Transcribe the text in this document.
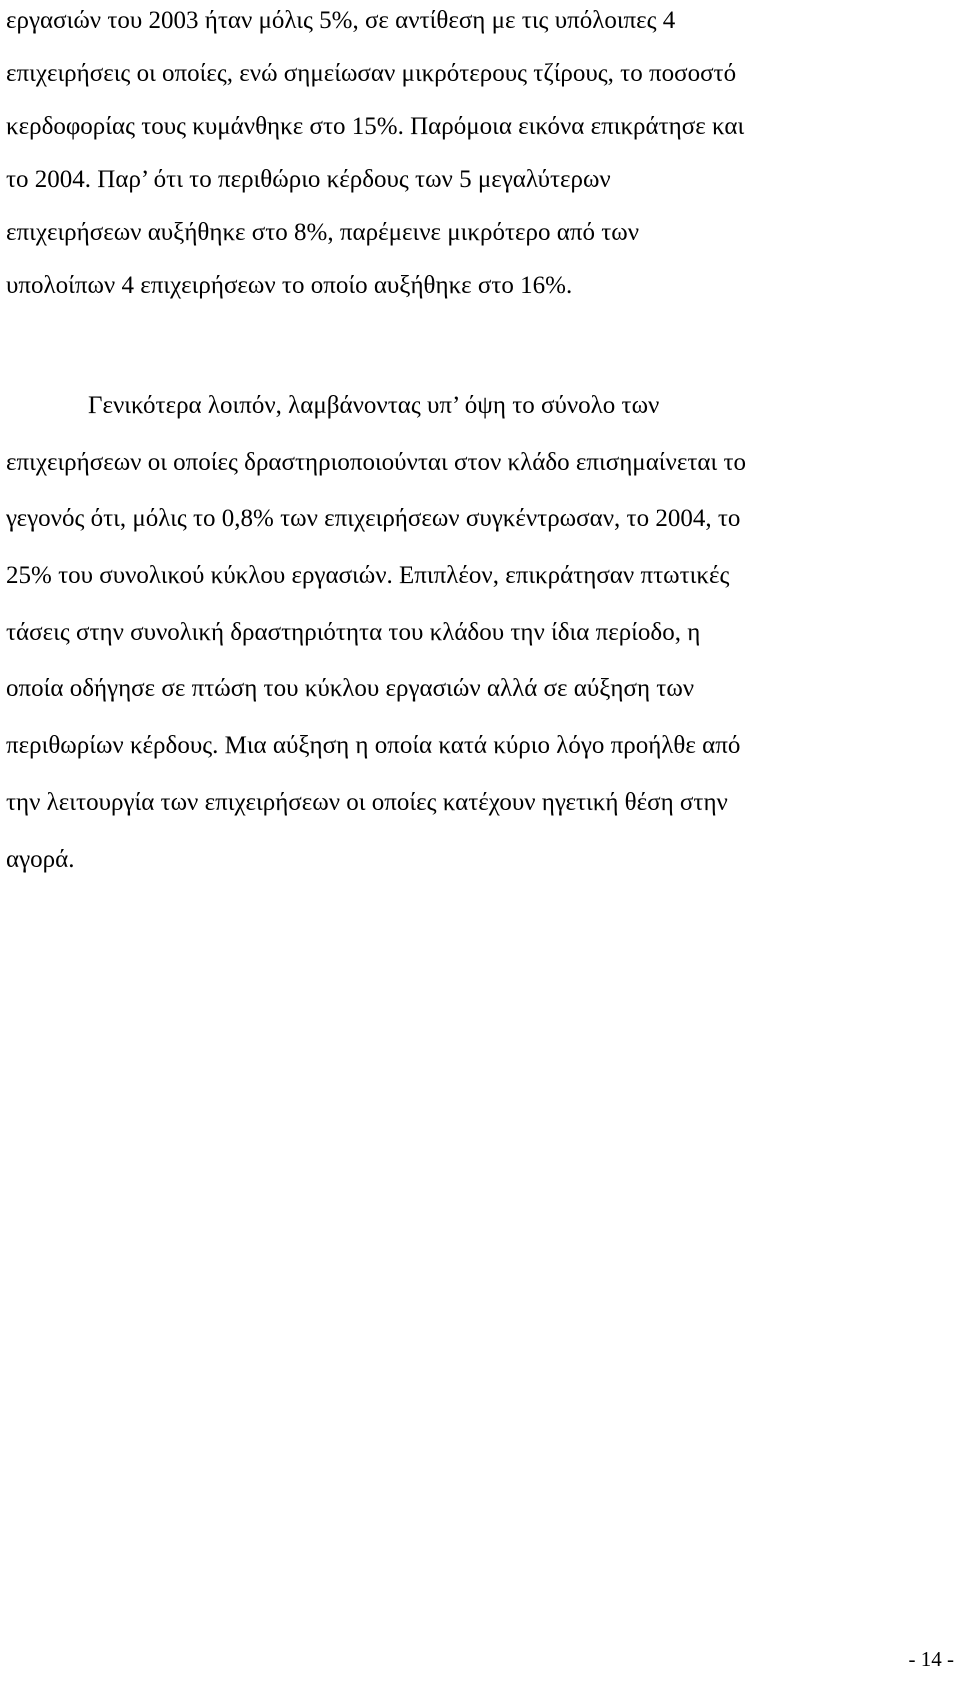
εργασιών του 2003 ήταν μόλις 5%, σε αντίθεση με τις υπόλοιπες 4
επιχειρήσεις οι οποίες, ενώ σημείωσαν μικρότερους τζίρους, το ποσοστό
κερδοφορίας τους κυμάνθηκε στο 15%. Παρόμοια εικόνα επικράτησε και
το 2004. Παρ’ ότι το περιθώριο κέρδους των 5 μεγαλύτερων
επιχειρήσεων αυξήθηκε στο 8%, παρέμεινε μικρότερο από των
υπολοίπων 4 επιχειρήσεων το οποίο αυξήθηκε στο 16%.
Γενικότερα λοιπόν, λαμβάνοντας υπ’ όψη το σύνολο των
επιχειρήσεων οι οποίες δραστηριοποιούνται στον κλάδο επισημαίνεται το
γεγονός ότι, μόλις το 0,8% των επιχειρήσεων συγκέντρωσαν, το 2004, το
25% του συνολικού κύκλου εργασιών. Επιπλέον, επικράτησαν πτωτικές
τάσεις στην συνολική δραστηριότητα του κλάδου την ίδια περίοδο, η
οποία οδήγησε σε πτώση του κύκλου εργασιών αλλά σε αύξηση των
περιθωρίων κέρδους. Μια αύξηση η οποία κατά κύριο λόγο προήλθε από
την λειτουργία των επιχειρήσεων οι οποίες κατέχουν ηγετική θέση στην
αγορά.
- 14 -
